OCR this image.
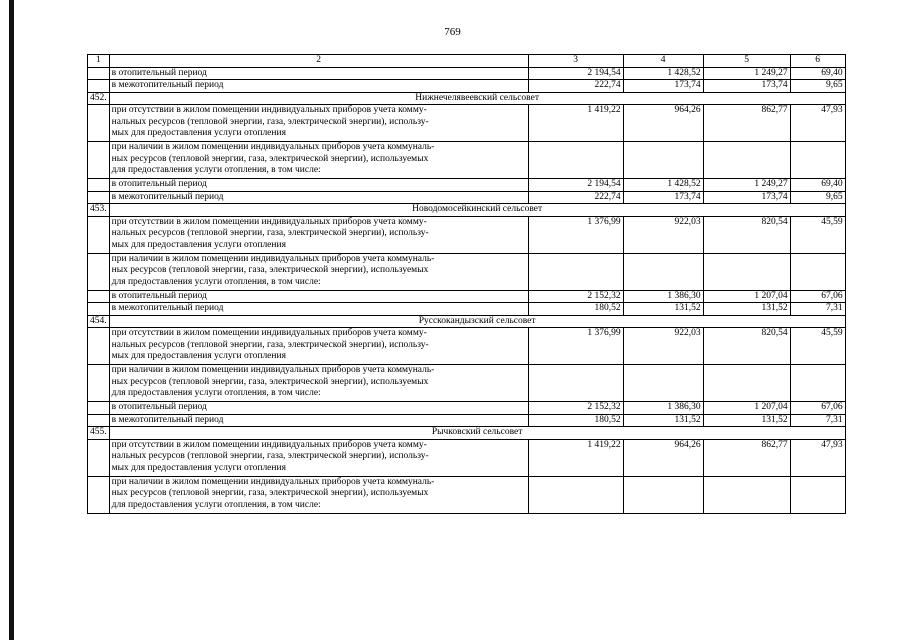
769
1	2	3	4	5	6

	в отопительный период	2 194,54	1 428,52	1 249,27	69,40

	в межотопительный период	222,74	173,74	173,74	9,65
452.	Нижнечелявеевский сельсовет				

	при отсутствии в жилом помещении индивидуальных приборов учета комму-
нальных ресурсов (тепловой энергии, газа, электрической энергии), использу-
мых для предоставления услуги отопления	1 419,22	964,26	862,77	47,93

	при наличии в жилом помещении индивидуальных приборов учета коммуналь-
ных ресурсов (тепловой энергии, газа, электрической энергии), используемых
для предоставления услуги отопления, в том числе:				

	в отопительный период	2 194,54	1 428,52	1 249,27	69,40

	в межотопительный период	222,74	173,74	173,74	9,65
453.	Новодомосейкинский сельсовет				

	при отсутствии в жилом помещении индивидуальных приборов учета комму-
нальных ресурсов (тепловой энергии, газа, электрической энергии), использу-
мых для предоставления услуги отопления	1 376,99	922,03	820,54	45,59

	при наличии в жилом помещении индивидуальных приборов учета коммуналь-
ных ресурсов (тепловой энергии, газа, электрической энергии), используемых
для предоставления услуги отопления, в том числе:				

	в отопительный период	2 152,32	1 386,30	1 207,04	67,06

	в межотопительный период	180,52	131,52	131,52	7,31
454.	Русскокандызский сельсовет				

	при отсутствии в жилом помещении индивидуальных приборов учета комму-
нальных ресурсов (тепловой энергии, газа, электрической энергии), использу-
мых для предоставления услуги отопления	1 376,99	922,03	820,54	45,59

	при наличии в жилом помещении индивидуальных приборов учета коммуналь-
ных ресурсов (тепловой энергии, газа, электрической энергии), используемых
для предоставления услуги отопления, в том числе:				

	в отопительный период	2 152,32	1 386,30	1 207,04	67,06

	в межотопительный период	180,52	131,52	131,52	7,31
455.	Рычковский сельсовет				

	при отсутствии в жилом помещении индивидуальных приборов учета комму-
нальных ресурсов (тепловой энергии, газа, электрической энергии), использу-
мых для предоставления услуги отопления	1 419,22	964,26	862,77	47,93

	при наличии в жилом помещении индивидуальных приборов учета коммуналь-
ных ресурсов (тепловой энергии, газа, электрической энергии), используемых
для предоставления услуги отопления, в том числе:				
